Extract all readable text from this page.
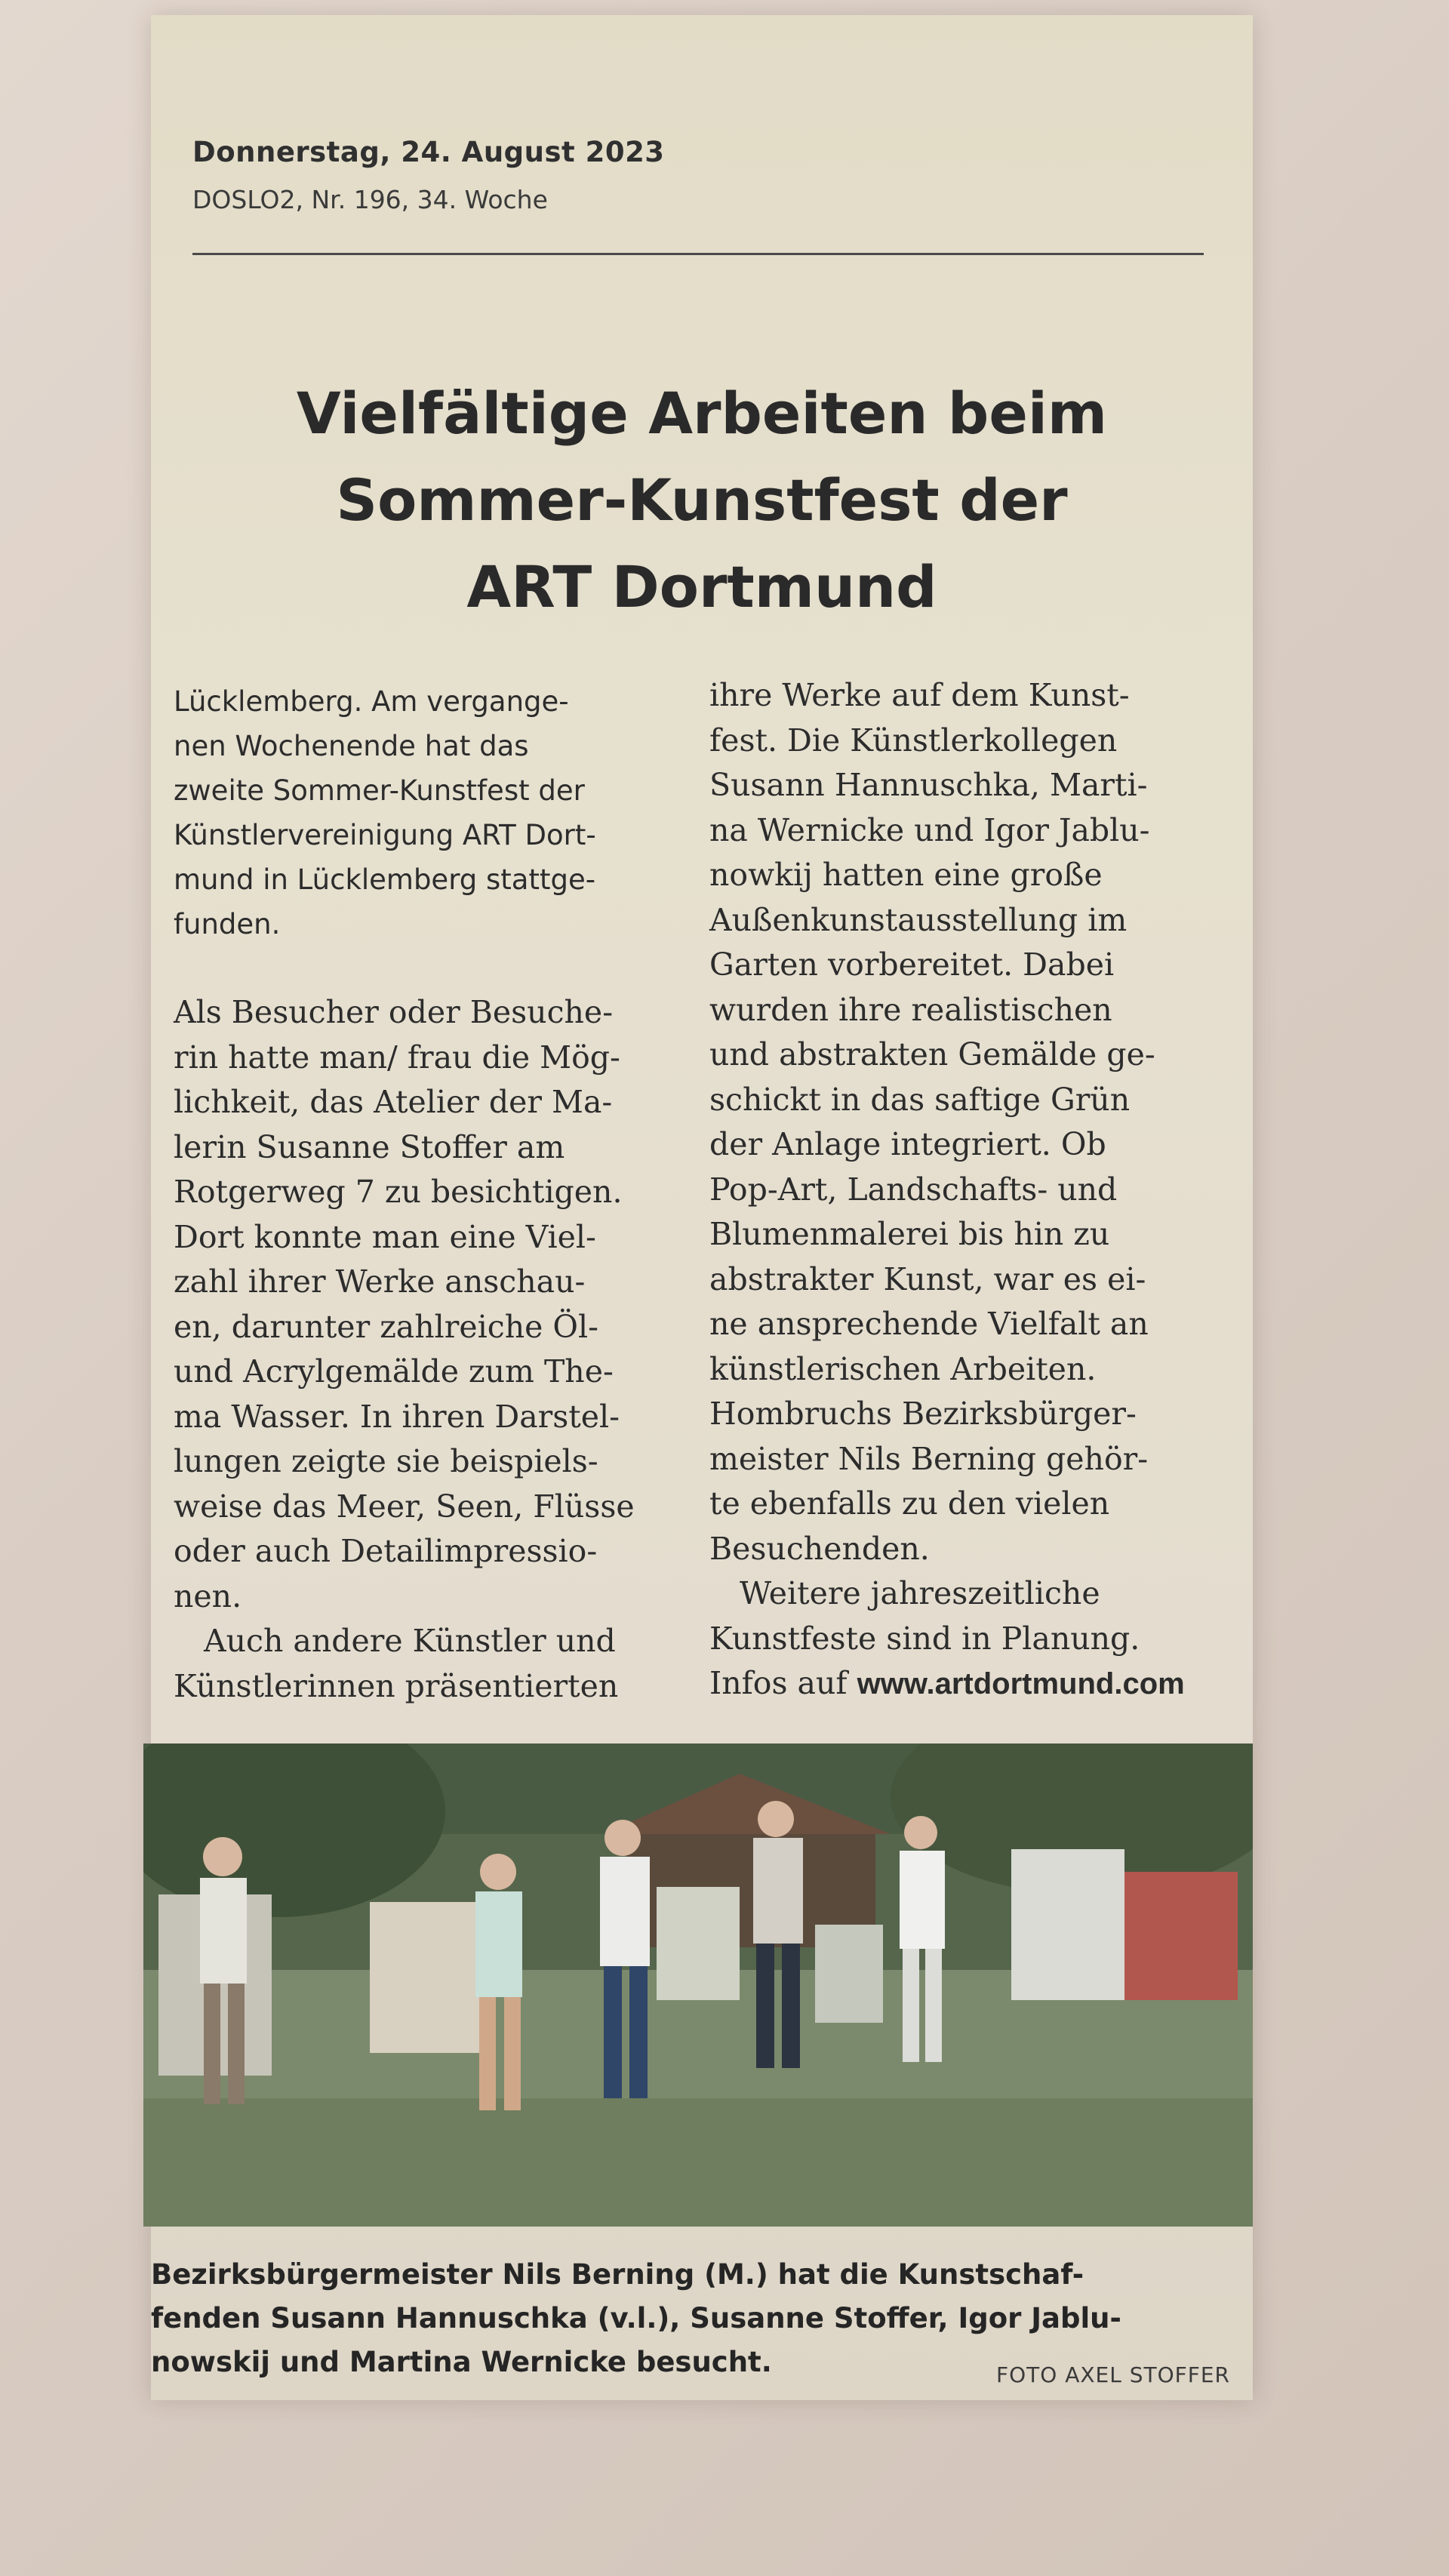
Donnerstag, 24. August 2023
DOSLO2, Nr. 196, 34. Woche
Vielfältige Arbeiten beim
Sommer-Kunstfest der
ART Dortmund

Lücklemberg. Am vergange-
nen Wochenende hat das
zweite Sommer-Kunstfest der
Künstlervereinigung ART Dort-
mund in Lücklemberg stattge-
funden.

Als Besucher oder Besuche-
rin hatte man/ frau die Mög-
lichkeit, das Atelier der Ma-
lerin Susanne Stoffer am
Rotgerweg 7 zu besichtigen.
Dort konnte man eine Viel-
zahl ihrer Werke anschau-
en, darunter zahlreiche Öl-
und Acrylgemälde zum The-
ma Wasser. In ihren Darstel-
lungen zeigte sie beispiels-
weise das Meer, Seen, Flüsse
oder auch Detailimpressio-
nen.

Auch andere Künstler und
Künstlerinnen präsentierten

ihre Werke auf dem Kunst-
fest. Die Künstlerkollegen
Susann Hannuschka, Marti-
na Wernicke und Igor Jablu-
nowkij hatten eine große
Außenkunstausstellung im
Garten vorbereitet. Dabei
wurden ihre realistischen
und abstrakten Gemälde ge-
schickt in das saftige Grün
der Anlage integriert. Ob
Pop-Art, Landschafts- und
Blumenmalerei bis hin zu
abstrakter Kunst, war es ei-
ne ansprechende Vielfalt an
künstlerischen Arbeiten.
Hombruchs Bezirksbürger-
meister Nils Berning gehör-
te ebenfalls zu den vielen
Besuchenden.

Weitere jahreszeitliche
Kunstfeste sind in Planung.
Infos auf www.artdortmund.com

Bezirksbürgermeister Nils Berning (M.) hat die Kunstschaf-
fenden Susann Hannuschka (v.l.), Susanne Stoffer, Igor Jablu-
nowskij und Martina Wernicke besucht.	FOTO AXEL STOFFER
